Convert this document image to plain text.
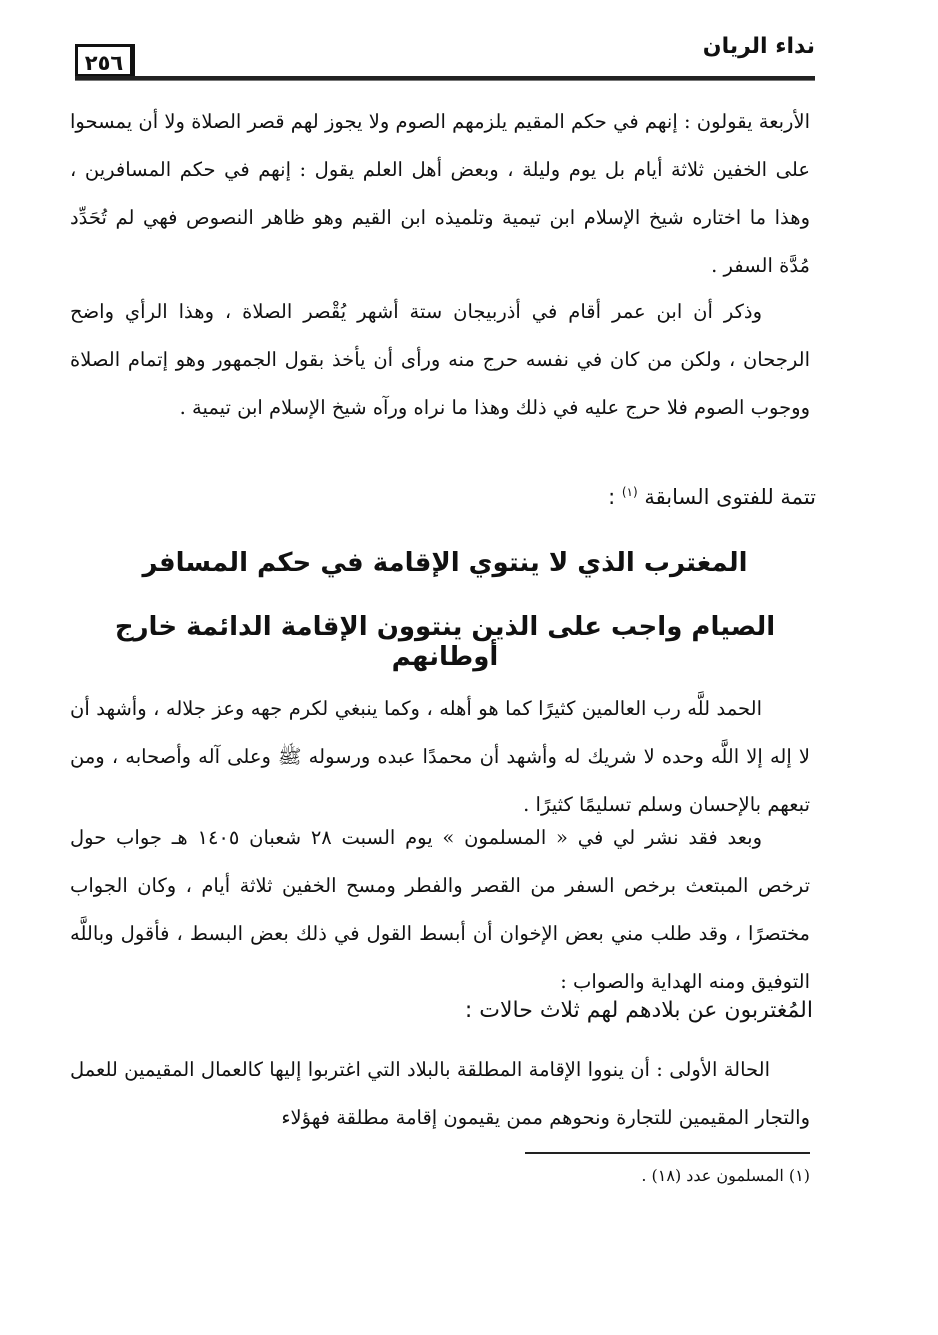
نداء الريان
٢٥٦

الأربعة يقولون : إنهم في حكم المقيم يلزمهم الصوم ولا يجوز لهم قصر الصلاة ولا أن يمسحوا على الخفين ثلاثة أيام بل يوم وليلة ، وبعض أهل العلم يقول : إنهم في حكم المسافرين ، وهذا ما اختاره شيخ الإسلام ابن تيمية وتلميذه ابن القيم وهو ظاهر النصوص فهي لم تُحَدِّد مُدَّة السفر .

وذكر أن ابن عمر أقام في أذربيجان ستة أشهر يُقْصر الصلاة ، وهذا الرأي واضح الرجحان ، ولكن من كان في نفسه حرج منه ورأى أن يأخذ بقول الجمهور وهو إتمام الصلاة ووجوب الصوم فلا حرج عليه في ذلك وهذا ما نراه ورآه شيخ الإسلام ابن تيمية .

تتمة للفتوى السابقة $^{(١)}$ :
المغترب الذي لا ينتوي الإقامة في حكم المسافر
الصيام واجب على الذين ينتوون الإقامة الدائمة خارج أوطانهم

الحمد للَّه رب العالمين كثيرًا كما هو أهله ، وكما ينبغي لكرم جهه وعز جلاله ، وأشهد أن لا إله إلا اللَّه وحده لا شريك له وأشهد أن محمدًا عبده ورسوله ﷺ وعلى آله وأصحابه ، ومن تبعهم بالإحسان وسلم تسليمًا كثيرًا .

وبعد فقد نشر لي في « المسلمون » يوم السبت ٢٨ شعبان ١٤٠٥ هـ جواب حول ترخص المبتعث برخص السفر من القصر والفطر ومسح الخفين ثلاثة أيام ، وكان الجواب مختصرًا ، وقد طلب مني بعض الإخوان أن أبسط القول في ذلك بعض البسط ، فأقول وباللَّه التوفيق ومنه الهداية والصواب :

المُغتربون عن بلادهم لهم ثلاث حالات :

الحالة الأولى : أن ينووا الإقامة المطلقة بالبلاد التي اغتربوا إليها كالعمال المقيمين للعمل والتجار المقيمين للتجارة ونحوهم ممن يقيمون إقامة مطلقة فهؤلاء

(١) المسلمون عدد (١٨) .
